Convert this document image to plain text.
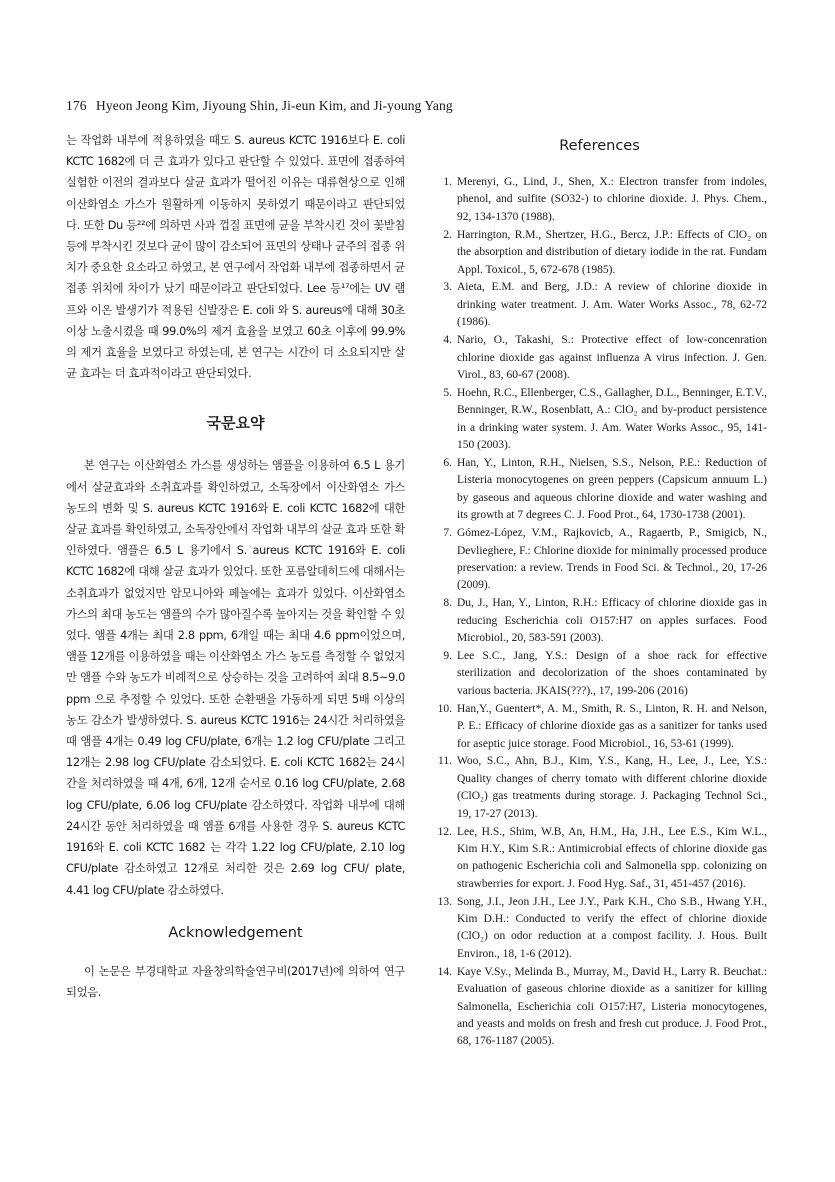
176 Hyeon Jeong Kim, Jiyoung Shin, Ji-eun Kim, and Ji-young Yang

는 작업화 내부에 적용하였을 때도 S. aureus KCTC 1916보다 E. coli KCTC 1682에 더 큰 효과가 있다고 판단할 수 있었다. 표면에 접종하여 실험한 이전의 결과보다 살균 효과가 떨어진 이유는 대류현상으로 인해 이산화염소 가스가 원활하게 이동하지 못하였기 때문이라고 판단되었다. 또한 Du 등²²에 의하면 사과 껍질 표면에 균을 부착시킨 것이 꽃받침 등에 부착시킨 것보다 균이 많이 감소되어 표면의 상태나 균주의 접종 위치가 중요한 요소라고 하였고, 본 연구에서 작업화 내부에 접종하면서 균 접종 위치에 차이가 났기 때문이라고 판단되었다. Lee 등¹⁷에는 UV 램프와 이온 발생기가 적용된 신발장은 E. coli 와 S. aureus에 대해 30초 이상 노출시켰을 때 99.0%의 제거 효율을 보였고 60초 이후에 99.9%의 제거 효율을 보였다고 하였는데, 본 연구는 시간이 더 소요되지만 살균 효과는 더 효과적이라고 판단되었다.

국문요약

본 연구는 이산화염소 가스를 생성하는 앰플을 이용하여 6.5 L 용기에서 살균효과와 소취효과를 확인하였고, 소독장에서 이산화염소 가스 농도의 변화 및 S. aureus KCTC 1916와 E. coli KCTC 1682에 대한 살균 효과를 확인하였고, 소독장안에서 작업화 내부의 살균 효과 또한 확인하였다. 앰플은 6.5 L 용기에서 S. aureus KCTC 1916와 E. coli KCTC 1682에 대해 살균 효과가 있었다. 또한 포름알데히드에 대해서는 소취효과가 없었지만 암모니아와 페놀에는 효과가 있었다. 이산화염소 가스의 최대 농도는 앰플의 수가 많아질수록 높아지는 것을 확인할 수 있었다. 앰플 4개는 최대 2.8 ppm, 6개일 때는 최대 4.6 ppm이었으며, 앰플 12개를 이용하였을 때는 이산화염소 가스 농도를 측정할 수 없었지만 앰플 수와 농도가 비례적으로 상승하는 것을 고려하여 최대 8.5~9.0 ppm 으로 추정할 수 있었다. 또한 순환팬을 가동하게 되면 5배 이상의 농도 감소가 발생하였다. S. aureus KCTC 1916는 24시간 처리하였을 때 앰플 4개는 0.49 log CFU/plate, 6개는 1.2 log CFU/plate 그리고 12개는 2.98 log CFU/plate 감소되었다. E. coli KCTC 1682는 24시간을 처리하였을 때 4개, 6개, 12개 순서로 0.16 log CFU/plate, 2.68 log CFU/plate, 6.06 log CFU/plate 감소하였다. 작업화 내부에 대해 24시간 동안 처리하였을 때 앰플 6개를 사용한 경우 S. aureus KCTC 1916와 E. coli KCTC 1682 는 각각 1.22 log CFU/plate, 2.10 log CFU/plate 감소하였고 12개로 처리한 것은 2.69 log CFU/ plate, 4.41 log CFU/plate 감소하였다.

Acknowledgement

이 논문은 부경대학교 자율창의학술연구비(2017년)에 의하여 연구되었음.

References
1. Merenyi, G., Lind, J., Shen, X.: Electron transfer from indoles, phenol, and sulfite (SO32-) to chlorine dioxide. J. Phys. Chem., 92, 134-1370 (1988).
2. Harrington, R.M., Shertzer, H.G., Bercz, J.P.: Effects of ClO₂ on the absorption and distribution of dietary iodide in the rat. Fundam Appl. Toxicol., 5, 672-678 (1985).
3. Aieta, E.M. and Berg, J.D.: A review of chlorine dioxide in drinking water treatment. J. Am. Water Works Assoc., 78, 62-72 (1986).
4. Nario, O., Takashi, S.: Protective effect of low-concenration chlorine dioxide gas against influenza A virus infection. J. Gen. Virol., 83, 60-67 (2008).
5. Hoehn, R.C., Ellenberger, C.S., Gallagher, D.L., Benninger, E.T.V., Benninger, R.W., Rosenblatt, A.: ClO₂ and by-product persistence in a drinking water system. J. Am. Water Works Assoc., 95, 141-150 (2003).
6. Han, Y., Linton, R.H., Nielsen, S.S., Nelson, P.E.: Reduction of Listeria monocytogenes on green peppers (Capsicum annuum L.) by gaseous and aqueous chlorine dioxide and water washing and its growth at 7 degrees C. J. Food Prot., 64, 1730-1738 (2001).
7. Gómez-López, V.M., Rajkovicb, A., Ragaertb, P., Smigicb, N., Devlieghere, F.: Chlorine dioxide for minimally processed produce preservation: a review. Trends in Food Sci. & Technol., 20, 17-26 (2009).
8. Du, J., Han, Y., Linton, R.H.: Efficacy of chlorine dioxide gas in reducing Escherichia coli O157:H7 on apples surfaces. Food Microbiol., 20, 583-591 (2003).
9. Lee S.C., Jang, Y.S.: Design of a shoe rack for effective sterilization and decolorization of the shoes contaminated by various bacteria. JKAIS(???)., 17, 199-206 (2016)
10. Han,Y., Guentert*, A. M., Smith, R. S., Linton, R. H. and Nelson, P. E.: Efficacy of chlorine dioxide gas as a sanitizer for tanks used for aseptic juice storage. Food Microbiol., 16, 53-61 (1999).
11. Woo, S.C., Ahn, B.J., Kim, Y.S., Kang, H., Lee, J., Lee, Y.S.: Quality changes of cherry tomato with different chlorine dioxide (ClO₂) gas treatments during storage. J. Packaging Technol Sci., 19, 17-27 (2013).
12. Lee, H.S., Shim, W.B, An, H.M., Ha, J.H., Lee E.S., Kim W.L., Kim H.Y., Kim S.R.: Antimicrobial effects of chlorine dioxide gas on pathogenic Escherichia coli and Salmonella spp. colonizing on strawberries for export. J. Food Hyg. Saf., 31, 451-457 (2016).
13. Song, J.I., Jeon J.H., Lee J.Y., Park K.H., Cho S.B., Hwang Y.H., Kim D.H.: Conducted to verify the effect of chlorine dioxide (ClO₂) on odor reduction at a compost facility. J. Hous. Built Environ., 18, 1-6 (2012).
14. Kaye V.Sy., Melinda B., Murray, M., David H., Larry R. Beuchat.: Evaluation of gaseous chlorine dioxide as a sanitizer for killing Salmonella, Escherichia coli O157:H7, Listeria monocytogenes, and yeasts and molds on fresh and fresh cut produce. J. Food Prot., 68, 176-1187 (2005).
